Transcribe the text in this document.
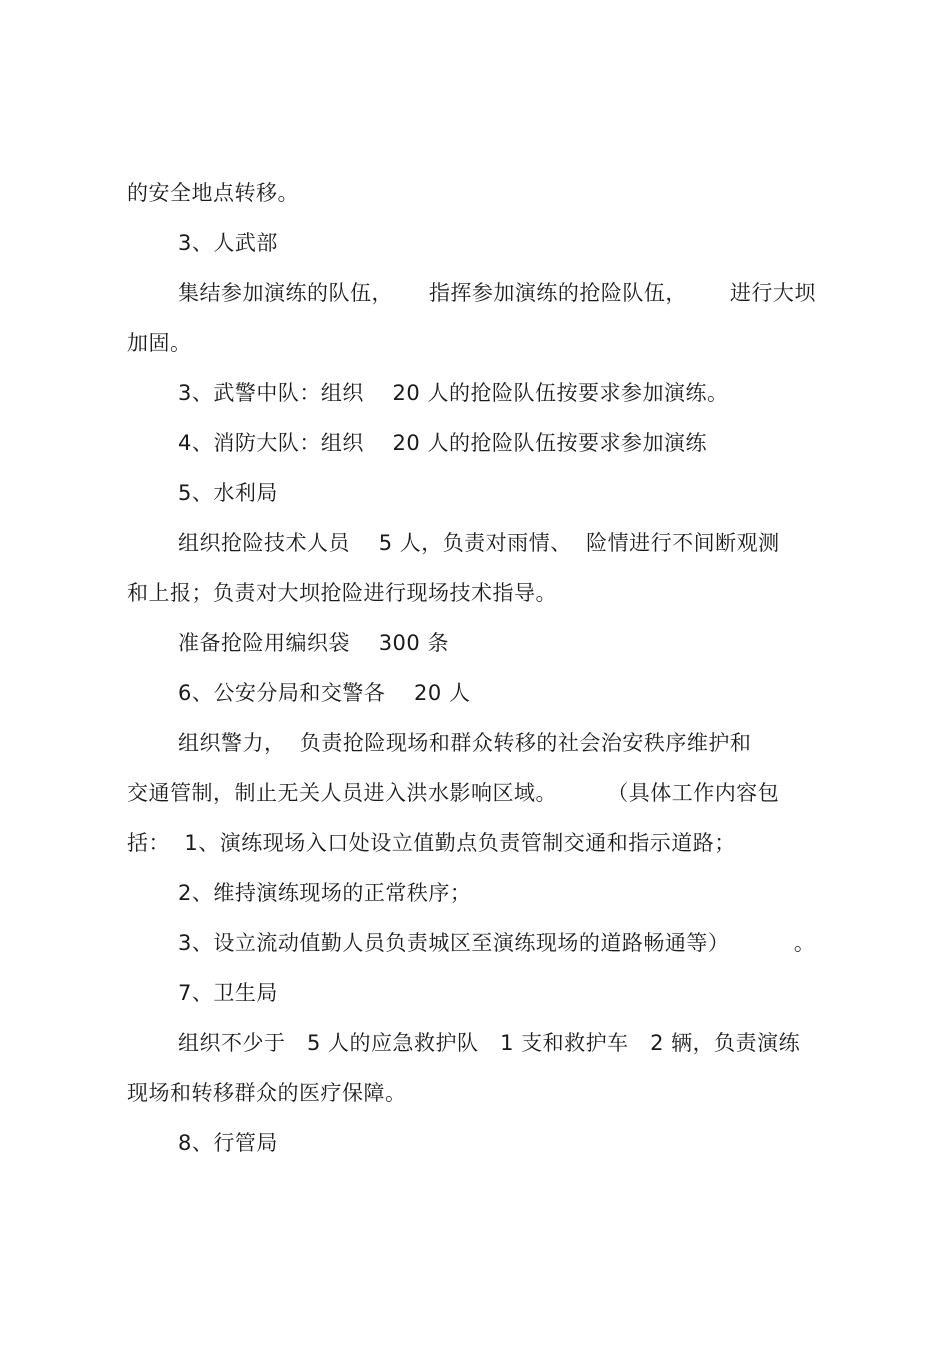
的安全地点转移。
3、人武部
集结参加演练的队伍，     指挥参加演练的抢险队伍，      进行大坝
加固。
3、武警中队：组织    20 人的抢险队伍按要求参加演练。
4、消防大队：组织    20 人的抢险队伍按要求参加演练
5、水利局
组织抢险技术人员    5 人，负责对雨情、  险情进行不间断观测
和上报；负责对大坝抢险进行现场技术指导。
准备抢险用编织袋    300 条
6、公安分局和交警各    20 人
组织警力，  负责抢险现场和群众转移的社会治安秩序维护和
交通管制，制止无关人员进入洪水影响区域。       （具体工作内容包
括：  1、演练现场入口处设立值勤点负责管制交通和指示道路；
2、维持演练现场的正常秩序；
3、设立流动值勤人员负责城区至演练现场的道路畅通等）         。
7、卫生局
组织不少于   5 人的应急救护队   1 支和救护车   2 辆，负责演练
现场和转移群众的医疗保障。
8、行管局
